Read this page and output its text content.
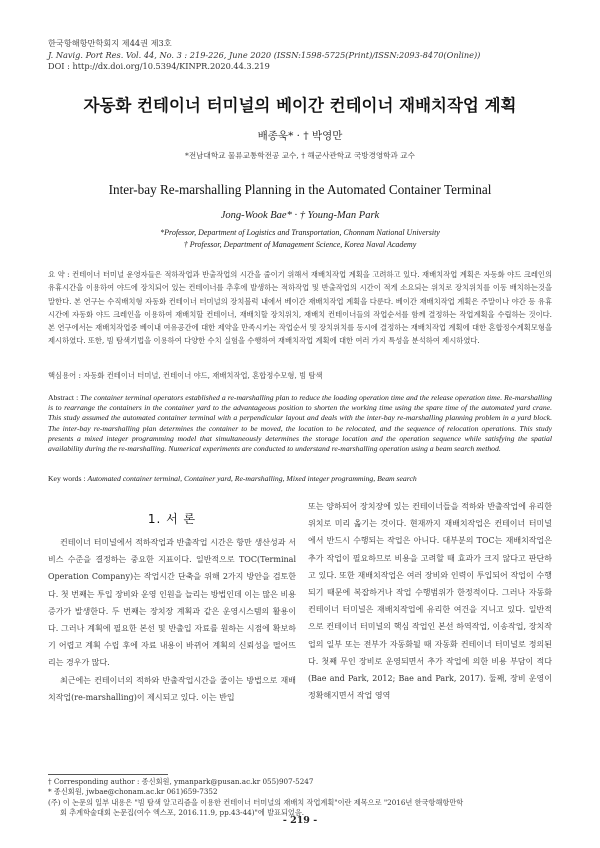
한국항해항만학회지 제44권 제3호
J. Navig. Port Res. Vol. 44, No. 3 : 219-226, June 2020 (ISSN:1598-5725(Print)/ISSN:2093-8470(Online))
DOI : http://dx.doi.org/10.5394/KINPR.2020.44.3.219
자동화 컨테이너 터미널의 베이간 컨테이너 재배치작업 계획
배종욱* · † 박영만
*전남대학교 물류교통학전공 교수, † 해군사관학교 국방경영학과 교수
Inter-bay Re-marshalling Planning in the Automated Container Terminal
Jong-Wook Bae* · † Young-Man Park
*Professor, Department of Logistics and Transportation, Chonnam National University
† Professor, Department of Management Science, Korea Naval Academy
요 약 : 컨테이너 터미널 운영자들은 적하작업과 반출작업의 시간을 줄이기 위해서 재배치작업 계획을 고려하고 있다. 재배치작업 계획은 자동화 야드 크레인의 유휴시간을 이용하여 야드에 장치되어 있는 컨테이너를 추후에 발생하는 적하작업 및 반출작업의 시간이 적게 소요되는 위치로 장치위치를 이동 배치하는것을 말한다. 본 연구는 수직배치형 자동화 컨테이너 터미널의 장치블럭 내에서 베이간 재배치작업 계획을 다룬다. 베이간 재배치작업 계획은 주말이나 야간 등 유휴시간에 자동화 야드 크레인을 이용하여 재배치할 컨테이너, 재배치할 장치위치, 재배치 컨테이너들의 작업순서를 함께 결정하는 작업계획을 수립하는 것이다. 본 연구에서는 재배치작업중 베이내 여유공간에 대한 제약을 만족시키는 작업순서 및 장치위치를 동시에 결정하는 재배치작업 계획에 대한 혼합정수계획모형을 제시하였다. 또한, 빔 탐색기법을 이용하여 다양한 수치 실험을 수행하여 재배치작업 계획에 대한 여러 가지 특성을 분석하여 제시하였다.
핵심용어 : 자동화 컨테이너 터미널, 컨테이너 야드, 재배치작업, 혼합정수모형, 빔 탐색
Abstract : The container terminal operators established a re-marshalling plan to reduce the loading operation time and the release operation time. Re-marshalling is to rearrange the containers in the container yard to the advantageous position to shorten the working time using the spare time of the automated yard crane. This study assumed the automated container terminal with a perpendicular layout and deals with the inter-bay re-marshalling planning problem in a yard block. The inter-bay re-marshalling plan determines the container to be moved, the location to be relocated, and the sequence of relocation operations. This study presents a mixed integer programming model that simultaneously determines the storage location and the operation sequence while satisfying the spatial availability during the re-marshalling. Numerical experiments are conducted to understand re-marshalling operation using a beam search method.
Key words : Automated container terminal, Container yard, Re-marshalling, Mixed integer programming, Beam search
1. 서 론

컨테이너 터미널에서 적하작업과 반출작업 시간은 항만 생산성과 서비스 수준을 결정하는 중요한 지표이다. 일반적으로 TOC(Terminal Operation Company)는 작업시간 단축을 위해 2가지 방안을 검토한다. 첫 번째는 투입 장비와 운영 인원을 늘리는 방법인데 이는 많은 비용 증가가 발생한다. 두 번째는 장치장 계획과 같은 운영시스템의 활용이다. 그러나 계획에 필요한 본선 및 반출입 자료를 원하는 시점에 확보하기 어렵고 계획 수립 후에 자료 내용이 바뀌어 계획의 신뢰성을 떨어뜨리는 경우가 많다.

최근에는 컨테이너의 적하와 반출작업시간을 줄이는 방법으로 재배치작업(re-marshalling)이 제시되고 있다. 이는 반입

또는 양하되어 장치장에 있는 컨테이너들을 적하와 반출작업에 유리한 위치로 미리 옮기는 것이다. 현재까지 재배치작업은 컨테이너 터미널에서 반드시 수행되는 작업은 아니다. 대부분의 TOC는 재배치작업은 추가 작업이 필요하므로 비용을 고려할 때 효과가 크지 않다고 판단하고 있다. 또한 재배치작업은 여러 장비와 인력이 투입되어 작업이 수행되기 때문에 복잡하거나 작업 수행범위가 한정적이다. 그러나 자동화 컨테이너 터미널은 재배치작업에 유리한 여건을 지니고 있다. 일반적으로 컨테이너 터미널의 핵심 작업인 본선 하역작업, 이송작업, 장치작업의 일부 또는 전부가 자동화될 때 자동화 컨테이너 터미널로 정의된다. 첫째 무인 장비로 운영되면서 추가 작업에 의한 비용 부담이 적다(Bae and Park, 2012; Bae and Park, 2017). 둘째, 장비 운영이 정확해지면서 작업 영역

† Corresponding author : 종신회원, ymanpark@pusan.ac.kr 055)907-5247
* 종신회원, jwbae@chonam.ac.kr 061)659-7352
(주) 이 논문의 일부 내용은 "빔 탐색 알고리즘을 이용한 컨테이너 터미널의 재배치 작업계획"이란 제목으로 "2016년 한국항해항만학
회 추계학술대회 논문집(여수 엑스포, 2016.11.9, pp.43-44)"에 발표되었음.
- 219 -
